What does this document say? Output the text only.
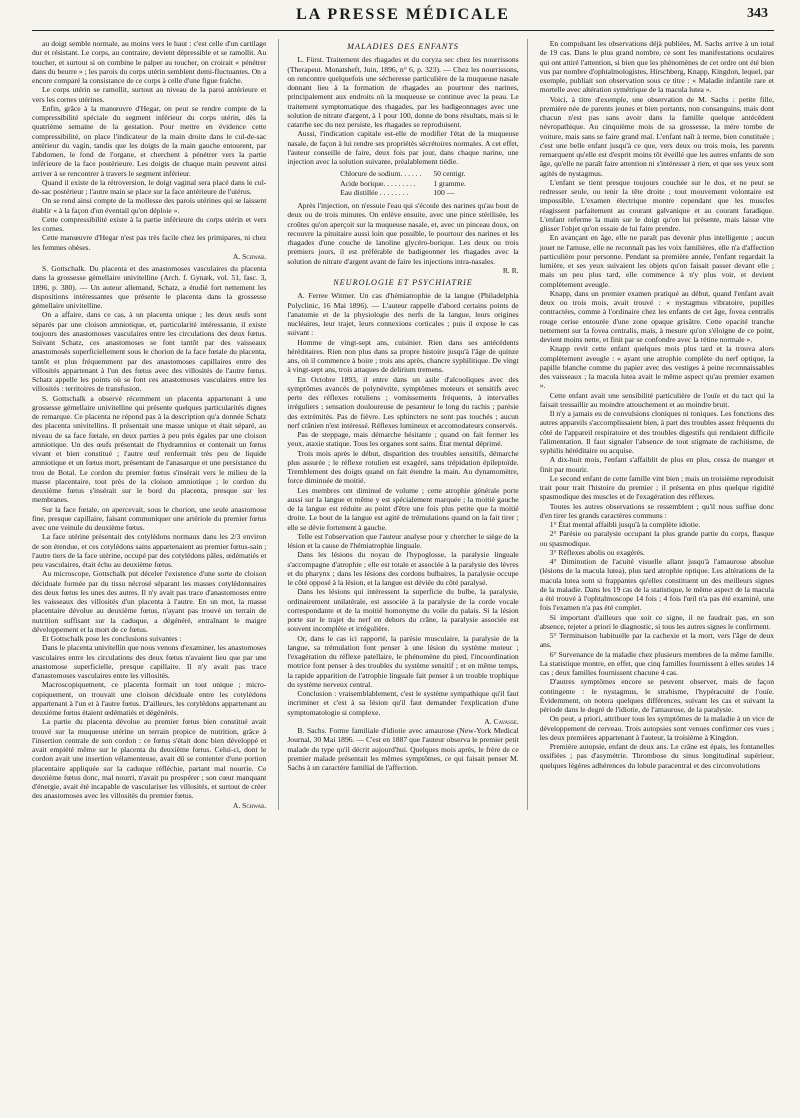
LA PRESSE MÉDICALE	343

au doigt semble normale, au moins vers le haut : c'est celle d'un cartilage dur et résistant. Le corps, au contraire, devient dépressible et se ramollit. Au toucher, et surtout si on combine le palper au toucher, on croirait « pénétrer dans du beurre » ; les parois du corps utérin semblent demi-fluctuantes. On a encore comparé la consistance de ce corps à celle d'une figue fraîche.

Le corps utérin se ramollit, surtout au niveau de la paroi antérieure et vers les cornes utérines.

Enfin, grâce à la manœuvre d'Hegar, on peut se rendre compte de la compressibilité spéciale du segment inférieur du corps utérin, dès la quatrième semaine de la gestation. Pour mettre en évidence cette compressibilité, on place l'indicateur de la main droite dans le cul-de-sac antérieur du vagin, tandis que les doigts de la main gauche entourent, par l'abdomen, le fond de l'organe, et cherchent à pénétrer vers la partie inférieure de la face postérieure. Les doigts de chaque main peuvent ainsi arriver à se rencontrer à travers le segment inférieur.

Quand il existe de la rétroversion, le doigt vaginal sera placé dans le cul-de-sac postérieur ; l'autre main se place sur la face antérieure de l'utérus.

On se rend ainsi compte de la mollesse des parois utérines qui se laissent établir « à la façon d'un éventail qu'on déploie ».

Cette compressibilité existe à la partie inférieure du corps utérin et vers les cornes.

Cette manœuvre d'Hegar n'est pas très facile chez les primipares, ni chez les femmes obèses.

A. Schwab.

S. Gottschalk. Du placenta et des anastomoses vasculaires du placenta dans la grossesse gémellaire univitelline (Arch. f. Gynæk, vol. 51, fasc. 3, 1896, p. 380). — Un auteur allemand, Schatz, a étudié fort nettement les dispositions intéressantes que présente le placenta dans la grossesse gémellaire univitelline.

On a affaire, dans ce cas, à un placenta unique ; les deux œufs sont séparés par une cloison amniotique, et, particularité intéressante, il existe toujours des anastomoses vasculaires entre les circulations des deux fœtus. Suivant Schatz, ces anastomoses se font tantôt par des vaisseaux anastomosés superficiellement sous le chorion de la face fœtale du placenta, tantôt et plus fréquemment par des anastomoses capillaires entre des villosités appartenant à l'un des fœtus avec des villosités de l'autre fœtus. Schatz appelle les points où se font ces anastomoses vasculaires entre les villosités : territoires de transfusion.

S. Gottschalk a observé récemment un placenta appartenant à une grossesse gémellaire univitelline qui présente quelques particularités dignes de remarque. Ce placenta ne répond pas à la description qu'a donnée Schatz des placenta univitellins. Il présentait une masse unique et était séparé, au niveau de sa face fœtale, en deux parties à peu près égales par une cloison amniotique. Un des œufs présentait de l'hydramnios et contenait un fœtus vivant et bien constitué ; l'autre œuf renfermait très peu de liquide amniotique et un fœtus mort, présentant de l'anasarque et une persistance du trou de Botal. Le cordon du premier fœtus s'insérait vers le milieu de la masse placentaire, tout près de la cloison amniotique ; le cordon du deuxième fœtus s'insérait sur le bord du placenta, presque sur les membranes.

Sur la face fœtale, on apercevait, sous le chorion, une seule anastomose fine, presque capillaire, faisant communiquer une artériole du premier fœtus avec une veinule du deuxième fœtus.

La face utérine présentait des cotylédons normaux dans les 2/3 environ de son étendue, et ces cotylédons sains appartenaient au premier fœtus-sain ; l'autre tiers de la face utérine, occupé par des cotylédons pâles, œdématiés et peu vasculaires, était échu au deuxième fœtus.

Au microscope, Gottschalk put déceler l'existence d'une sorte de cloison décidualе formée par du tissu nécrosé séparant les masses cotylédonnaires des deux fœtus les unes des autres. Il n'y avait pas trace d'anastomoses entre les vaisseaux des villosités d'un placenta à l'autre. En un mot, la masse placentaire dévolue au deuxième fœtus, n'ayant pas trouvé un terrain de nutrition suffisant sur la caduque, a dégénéré, entraînant le maigre développement et la mort de ce fœtus.

Et Gottschalk pose les conclusions suivantes :

Dans le placenta univitellin que nous venons d'examiner, les anastomoses vasculaires entre les circulations des deux fœtus n'avaient lieu que par une anastomose superficielle, presque capillaire. Il n'y avait pas trace d'anastomoses vasculaires entre les villosités.

Macroscopiquement, ce placenta formait un tout unique ; micro-copiquement, on trouvait une cloison déciduale entre les cotylédons appartenant à l'un et à l'autre fœtus. D'ailleurs, les cotylédons appartenant au deuxième fœtus étaient œdématiés et dégénérés.

La partie du placenta dévolue au premier fœtus bien constitué avait trouvé sur la muqueuse utérine un terrain propice de nutrition, grâce à l'insertion centrale de son cordon : ce fœtus s'était donc bien développé et avait empiété même sur le placenta du deuxième fœtus. Celui-ci, dont le cordon avait une insertion vélamenteuse, avait dû se contenter d'une portion placentaire appliquée sur la caduque réfléchie, partant mal nourrie. Ce deuxième fœtus donc, mal nourri, n'avait pu prospérer ; son cœur manquant d'énergie, avait été incapable de vasculariser les villosités, et surtout de créer des anastomoses avec les villosités du premier fœtus.

A. Schwab.
MALADIES DES ENFANTS

L. Fürst. Traitement des rhagades et du coryza sec chez les nourrissons (Therapeut. Monatsheft, Juin, 1896, n° 6, p. 323). — Chez les nourrissons, on rencontre quelquefois une sécheresse particulière de la muqueuse nasale donnant lieu à la formation de rhagades au pourtour des narines, principalement aux endroits où la muqueuse se continue avec la peau. Le traitement symptomatique des rhagades, par les badigeonnages avec une solution de nitrate d'argent, à 1 pour 100, donne de bons résultats, mais si le catarrhe sec du nez persiste, les rhagades se reproduisent.

Aussi, l'indication capitale est-elle de modifier l'état de la muqueuse nasale, de façon à lui rendre ses propriétés sécrétoires normales. A cet effet, l'auteur conseille de faire, deux fois par jour, dans chaque narine, une injection avec la solution suivante, préalablement tiédie.

Chlorure de sodium. . . . . .	50 centigr.
Acide borique. . . . . . . . .	1 gramme.
Eau distillée . . . . . . . .	100 —

Après l'injection, on n'essuie l'eau qui s'écoule des narines qu'au bout de deux ou de trois minutes. On enlève ensuite, avec une pince stérilisée, les croûtes qu'on aperçoit sur la muqueuse nasale, et, avec un pinceau doux, on recouvre la pituitaire aussi loin que possible, le pourtour des narines et les rhagades d'une couche de lanoline glycéro-borique. Les deux ou trois premiers jours, il est préférable de badigeonner les rhagades avec la solution de nitrate d'argent avant de faire les injections intra-nasales.

R. R.
NEUROLOGIE ET PSYCHIATRIE

A. Ferree Witmer. Un cas d'hémiatrophie de la langue (Philadelphia Polyclinic, 16 Mai 1896). — L'auteur rappelle d'abord certains points de l'anatomie et de la physiologie des nerfs de la langue, leurs origines nucléaires, leur trajet, leurs connexions corticales ; puis il expose le cas suivant :

Homme de vingt-sept ans, cuisinier. Rien dans ses antécédents héréditaires. Rien non plus dans sa propre histoire jusqu'à l'âge de quinze ans, où il commence à boire ; trois ans après, chancre syphilitique. De vingt à vingt-sept ans, trois attaques de delirium tremens.

En Octobre 1893, il entre dans un asile d'alcooliques avec des symptômes avancés de polynévrite, symptômes moteurs et sensitifs avec perte des réflexes rotuliens ; vomissements fréquents, à intervalles irréguliers ; sensation douloureuse de pesanteur le long du rachis ; parésie des extrémités. Pas de fièvre. Les sphincters ne sont pas touchés ; aucun nerf crânien n'est intéressé. Réflexes lumineux et accomodateurs conservés.

Pas de steppage, mais démarche hésitante ; quand on fait fermer les yeux, ataxie statique. Tous les organes sont sains. État mental déprimé.

Trois mois après le début, disparition des troubles sensitifs, démarche plus assurée ; le réflexe rotulien est exagéré, sans trépidation épileptoïde. Tremblement des doigts quand on fait étendre la main. Au dynamomètre, force diminuée de moitié.

Les membres ont diminué de volume ; cette atrophie générale porte aussi sur la langue et même y est spécialement marquée ; la moitié gauche de la langue est réduite au point d'être une fois plus petite que la moitié droite. Le bout de la langue est agité de trémulations quand on la fait tirer ; elle se dévie fortement à gauche.

Telle est l'observation que l'auteur analyse pour y chercher le siège de la lésion et la cause de l'hémiatrophie linguale.

Dans les lésions du noyau de l'hypoglosse, la paralysie linguale s'accompagne d'atrophie ; elle est totale et associée à la paralysie des lèvres et du pharynx ; dans les lésions des cordons bulbaires, la paralysie occupe le côté opposé à la lésion, et la langue est déviée du côté paralysé.

Dans les lésions qui intéressent la superficie du bulbe, la paralysie, ordinairement unilatérale, est associée à la paralysie de la corde vocale correspondante et de la moitié homonyme du voile du palais. Si la lésion porte sur le trajet du nerf en dehors du crâne, la paralysie associée est souvent incomplète et irrégulière.

Or, dans le cas ici rapporté, la parésie musculaire, la paralysie de la langue, sa trémulation font penser à une lésion du système moteur ; l'exagération du réflexe patellaire, le phénomène du pied, l'incoordination motrice font penser à des troubles du système sensitif ; et en même temps, la rapide apparition de l'atrophie linguale fait penser à un trouble trophique du système nerveux central.

Conclusion : vraisemblablement, c'est le système sympathique qu'il faut incriminer et c'est à sa lésion qu'il faut demander l'explication d'une symptomatologie si complexe.

A. Cavasse.

B. Sachs. Forme familiale d'idiotie avec amaurose (New-York Medical Journal, 30 Mai 1896. — C'est en 1887 que l'auteur observa le premier petit malade du type qu'il décrit aujourd'hui. Quelques mois après, le frère de ce premier malade présentait les mêmes symptômes, ce qui faisait penser M. Sachs à un caractère familial de l'affection.

En compulsant les observations déjà publiées, M. Sachs arrive à un total de 19 cas. Dans le plus grand nombre, ce sont les manifestations oculaires qui ont attiré l'attention, si bien que les phénomènes de cet ordre ont été bien vus par nombre d'ophtalmologistes, Hirschberg, Knapp, Kingdon, lequel, par exemple, publiait son observation sous ce titre : « Maladie infantile rare et mortelle avec altération symétrique de la macula lutea ».

Voici, à titre d'exemple, une observation de M. Sachs : petite fille, première née de parents jeunes et bien portants, non consanguins, mais dont chacun n'est pas sans avoir dans la famille quelque antécédent névropathique. Au cinquième mois de sa grossesse, la mère tombe de voiture, mais sans se faire grand mal. L'enfant naît à terme, bien constituée ; c'est une belle enfant jusqu'à ce que, vers deux ou trois mois, les parents remarquent qu'elle est d'esprit moins tôt éveillé que les autres enfants de son âge, qu'elle ne paraît faire attention ni s'intéresser à rien, et que ses yeux sont agités de nystagmus.

L'enfant se tient presque toujours couchée sur le dos, et ne peut se redresser seule, ou tenir la tête droite ; tout mouvement volontaire est impossible. L'examen électrique montre cependant que les muscles réagissent parfaitement au courant galvanique et au courant faradique. L'enfant referme la main sur le doigt qu'on lui présente, mais laisse vite glisser l'objet qu'on essaie de lui faire prendre.

En avançant en âge, elle ne paraît pas devenir plus intelligente ; aucun jouet ne l'amuse, elle ne reconnaît pas les voix familières, elle n'a d'affection particulière pour personne. Pendant sa première année, l'enfant regardait la lumière, et ses yeux suivaient les objets qu'on faisait passer devant elle ; mais un peu plus tard, elle commence à n'y plus voir, et devient complètement aveugle.

Knapp, dans un premier examen pratiqué au début, quand l'enfant avait deux ou trois mois, avait trouvé : « nystagmus vibratoire, pupilles contractées, comme à l'ordinaire chez les enfants de cet âge, fovea centralis rouge cerise entourée d'une zone opaque grisâtre. Cette opacité tranche nettement sur la fovea centralis, mais, à mesure qu'on s'éloigne de ce point, devient moins nette, et finit par se confondre avec la rétine normale ».

Knapp revit cette enfant quelques mois plus tard et la trouva alors complètement aveugle : « ayant une atrophie complète du nerf optique, la papille blanche comme du papier avec des vestiges à peine reconnaissables des vaisseaux ; la macula lutea avait le même aspect qu'au premier examen ».

Cette enfant avait une sensibilité particulière de l'ouïe et du tact qui la faisait tressaillir au moindre attouchement et au moindre bruit.

Il n'y a jamais eu de convulsions cloniques ni toniques. Les fonctions des autres appareils s'accomplissaient bien, à part des troubles assez fréquents du côté de l'appareil respiratoire et des troubles digestifs qui rendaient difficile l'alimentation. Il faut signaler l'absence de tout stigmate de rachitisme, de syphilis héréditaire ou acquise.

A dix-huit mois, l'enfant s'affaiblit de plus en plus, cessa de manger et finit par mourir.

Le second enfant de cette famille vint bien ; mais un troisième reproduisit trait pour trait l'histoire du premier ; il présenta en plus quelque rigidité spasmodique des muscles et de l'exagération des réflexes.

Toutes les autres observations se ressemblent ; qu'il nous suffise donc d'en tirer les grands caractères communs :

1° État mental affaibli jusqu'à la complète idiotie.

2° Parésie ou paralysie occupant la plus grande partie du corps, flasque ou spasmodique.

3° Réflexes abolis ou exagérés.

4° Diminution de l'acuité visuelle allant jusqu'à l'amaurose absolue (lésions de la macula lutea), plus tard atrophie optique. Les altérations de la macula lutea sont si frappantes qu'elles constituent un des meilleurs signes de la maladie. Dans les 19 cas de la statistique, le même aspect de la macula a été trouvé à l'ophtalmoscope 14 fois ; 4 fois l'œil n'a pas été examiné, une fois l'examen n'a pas été complet.

Si important d'ailleurs que soit ce signe, il ne faudrait pas, en son absence, rejeter a priori le diagnostic, si tous les autres signes le confirment.

5° Terminaison habituelle par la cachexie et la mort, vers l'âge de deux ans.

6° Survenance de la maladie chez plusieurs membres de la même famille. La statistique montre, en effet, que cinq familles fournissent à elles seules 14 cas ; deux familles fournissent chacune 4 cas.

D'autres symptômes encore se peuvent observer, mais de façon contingente : le nystagmus, le strabisme, l'hypéracuité de l'ouïe. Évidemment, on notera quelques différences, suivant les cas et suivant la période dans le degré de l'idiotie, de l'amaurose, de la paralysie.

On peut, a priori, attribuer tous les symptômes de la maladie à un vice de développement de cerveau. Trois autopsies sont venues confirmer ces vues ; les deux premières appartenant à l'auteur, la troisième à Kingdon.

Première autopsie, enfant de deux ans. Le crâne est épais, les fontanelles ossifiées ; pas d'asymétrie. Thrombose du sinus longitudinal supérieur, quelques légères adhérences du lobule paracentral et des circonvolutions
